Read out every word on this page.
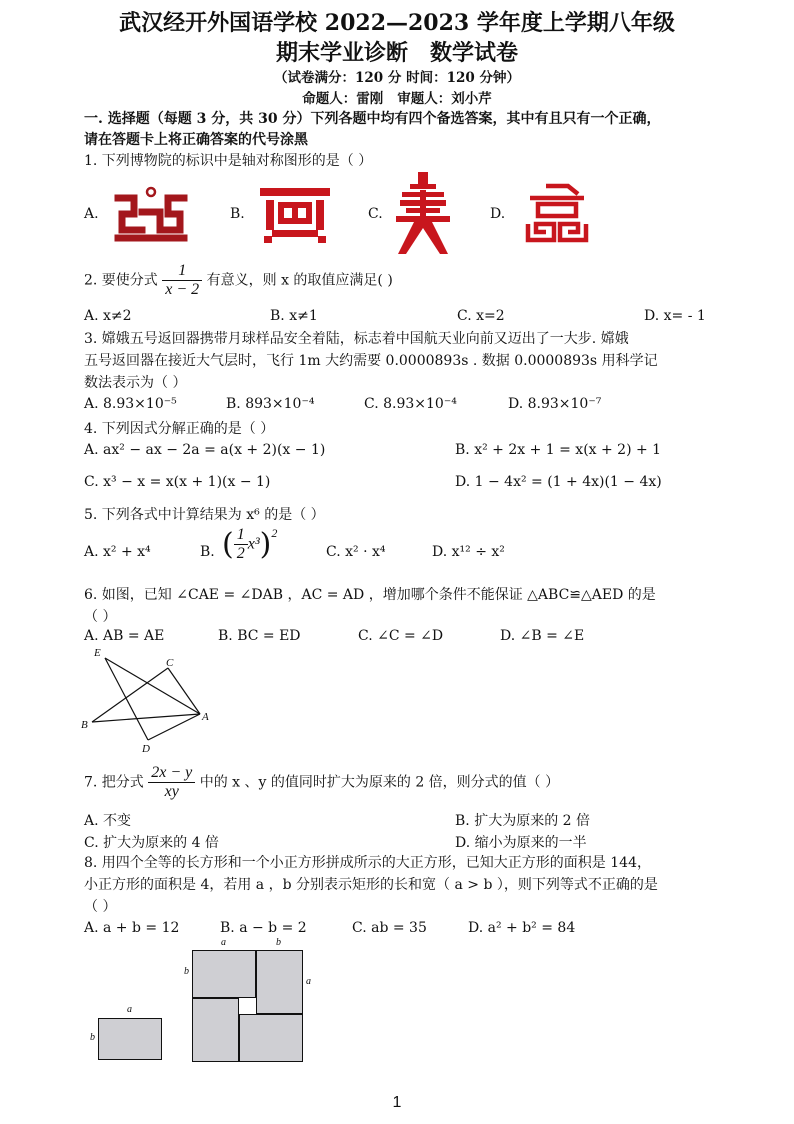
武汉经开外国语学校 2022—2023 学年度上学期八年级
期末学业诊断 数学试卷
（试卷满分：120 分 时间：120 分钟）
命题人：雷刚 审题人：刘小芹
一. 选择题（每题 3 分，共 30 分）下列各题中均有四个备选答案，其中有且只有一个正确，
请在答题卡上将正确答案的代号涂黑
1. 下列博物院的标识中是轴对称图形的是（ ）
A.	B.	C.	D.
2. 要使分式 $\frac{1}{x - 2}$ 有意义，则 x 的取值应满足( )
A. x≠2	B. x≠1	C. x=2	D. x= - 1
3. 嫦娥五号返回器携带月球样品安全着陆，标志着中国航天业向前又迈出了一大步. 嫦娥
五号返回器在接近大气层时，飞行 1m 大约需要 0.0000893s . 数据 0.0000893s 用科学记
数法表示为（ ）
A. 8.93×10⁻⁵	B. 893×10⁻⁴	C. 8.93×10⁻⁴	D. 8.93×10⁻⁷
4. 下列因式分解正确的是（ ）
A. ax² − ax − 2a = a(x + 2)(x − 1)	B. x² + 2x + 1 = x(x + 2) + 1
C. x³ − x = x(x + 1)(x − 1)	D. 1 − 4x² = (1 + 4x)(1 − 4x)
5. 下列各式中计算结果为 x⁶ 的是（ ）
A. x² + x⁴	B. ( $\frac{1}{2} x^3)^2$
C. x² · x⁴	D. x¹² ÷ x²
6. 如图，已知 ∠CAE = ∠DAB ，AC = AD ，增加哪个条件不能保证 △ABC≌△AED 的是
（ ）
A. AB = AE	B. BC = ED	C. ∠C = ∠D	D. ∠B = ∠E
E
C
B
A
D
7. 把分式 $\frac{2x - y}{xy}$ 中的 x 、y 的值同时扩大为原来的 2 倍，则分式的值（ ）
A. 不变	B. 扩大为原来的 2 倍
C. 扩大为原来的 4 倍	D. 缩小为原来的一半
8. 用四个全等的长方形和一个小正方形拼成所示的大正方形，已知大正方形的面积是 144，
小正方形的面积是 4，若用 a ，b 分别表示矩形的长和宽（ a > b ），则下列等式不正确的是
（ ）
A. a + b = 12	B. a − b = 2	C. ab = 35	D. a² + b² = 84
a
b
a	b
b
a
1
